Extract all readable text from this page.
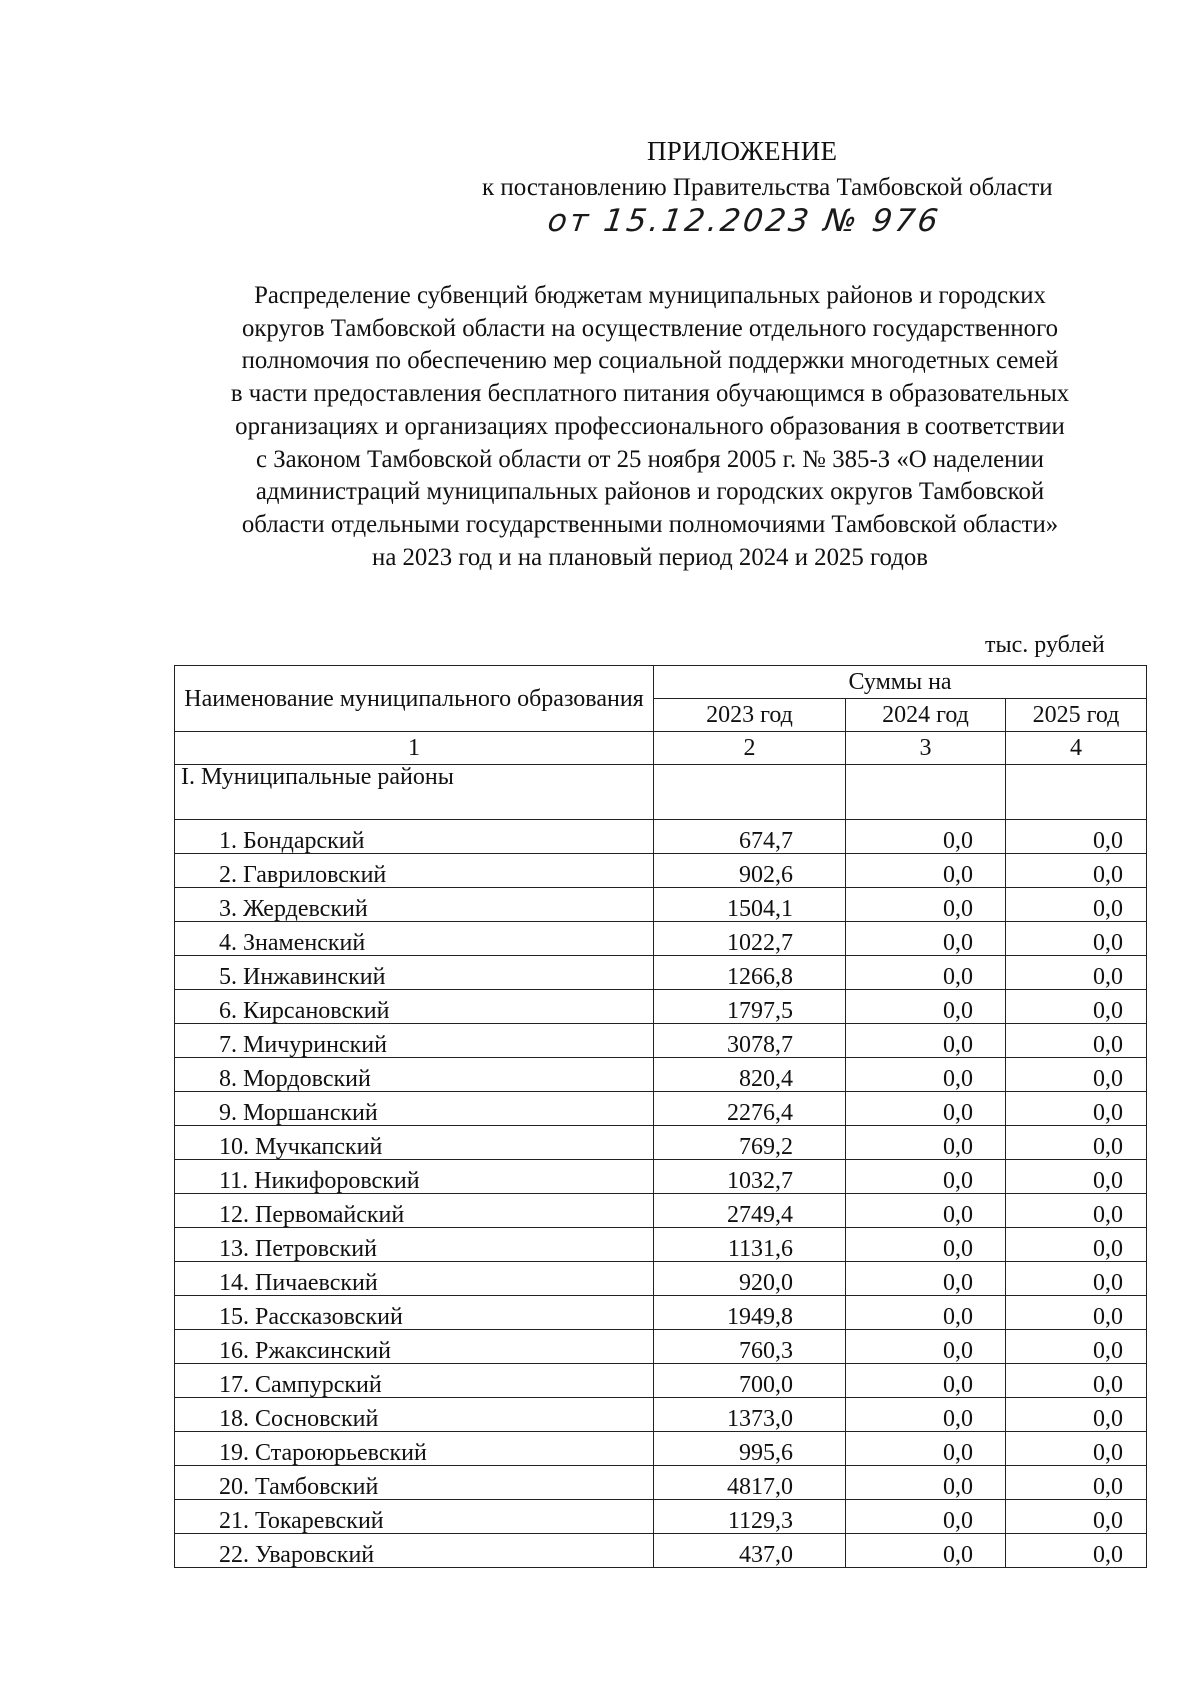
ПРИЛОЖЕНИЕ
к постановлению Правительства Тамбовской области
от 15.12.2023 № 976
Распределение субвенций бюджетам муниципальных районов и городских
округов Тамбовской области на осуществление отдельного государственного
полномочия по обеспечению мер социальной поддержки многодетных семей
в части предоставления бесплатного питания обучающимся в образовательных
организациях и организациях профессионального образования в соответствии
с Законом Тамбовской области от 25 ноября 2005 г. № 385-З «О наделении
администраций муниципальных районов и городских округов Тамбовской
области отдельными государственными полномочиями Тамбовской области»
на 2023 год и на плановый период 2024 и 2025 годов
тыс. рублей
Наименование муниципального образования	Суммы на		
	2023 год	2024 год	2025 год
1	2	3	4
I. Муниципальные районы			
1. Бондарский	674,7	0,0	0,0
2. Гавриловский	902,6	0,0	0,0
3. Жердевский	1504,1	0,0	0,0
4. Знаменский	1022,7	0,0	0,0
5. Инжавинский	1266,8	0,0	0,0
6. Кирсановский	1797,5	0,0	0,0
7. Мичуринский	3078,7	0,0	0,0
8. Мордовский	820,4	0,0	0,0
9. Моршанский	2276,4	0,0	0,0
10. Мучкапский	769,2	0,0	0,0
11. Никифоровский	1032,7	0,0	0,0
12. Первомайский	2749,4	0,0	0,0
13. Петровский	1131,6	0,0	0,0
14. Пичаевский	920,0	0,0	0,0
15. Рассказовский	1949,8	0,0	0,0
16. Ржаксинский	760,3	0,0	0,0
17. Сампурский	700,0	0,0	0,0
18. Сосновский	1373,0	0,0	0,0
19. Староюрьевский	995,6	0,0	0,0
20. Тамбовский	4817,0	0,0	0,0
21. Токаревский	1129,3	0,0	0,0
22. Уваровский	437,0	0,0	0,0
